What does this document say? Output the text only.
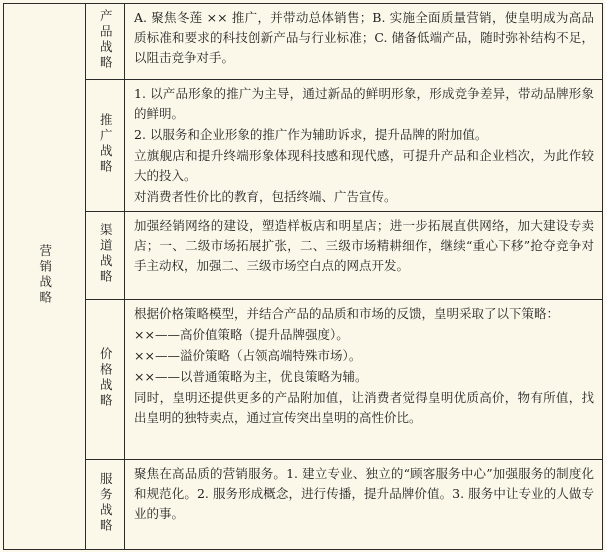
营销战略	产品战略	A. 聚焦冬莲 ×× 推广，并带动总体销售；B. 实施全面质量营销，使皇明成为高品质标准和要求的科技创新产品与行业标准；C. 储备低端产品，随时弥补结构不足，以阻击竞争对手。

	推广战略	1. 以产品形象的推广为主导，通过新品的鲜明形象，形成竞争差异，带动品牌形象的鲜明。

2. 以服务和企业形象的推广作为辅助诉求，提升品牌的附加值。

立旗舰店和提升终端形象体现科技感和现代感，可提升产品和企业档次，为此作较大的投入。

对消费者性价比的教育，包括终端、广告宣传。

	渠道战略	加强经销网络的建设，塑造样板店和明星店；进一步拓展直供网络，加大建设专卖店；一、二级市场拓展扩张，二、三级市场精耕细作，继续“重心下移”抢夺竞争对手主动权，加强二、三级市场空白点的网点开发。

	价格战略	根据价格策略模型，并结合产品的品质和市场的反馈，皇明采取了以下策略：

××——高价值策略（提升品牌强度）。

××——溢价策略（占领高端特殊市场）。

××——以普通策略为主，优良策略为辅。

同时，皇明还提供更多的产品附加值，让消费者觉得皇明优质高价，物有所值，找出皇明的独特卖点，通过宣传突出皇明的高性价比。

	服务战略	聚焦在高品质的营销服务。1. 建立专业、独立的“顾客服务中心”加强服务的制度化和规范化。2. 服务形成概念，进行传播，提升品牌价值。3. 服务中让专业的人做专业的事。
